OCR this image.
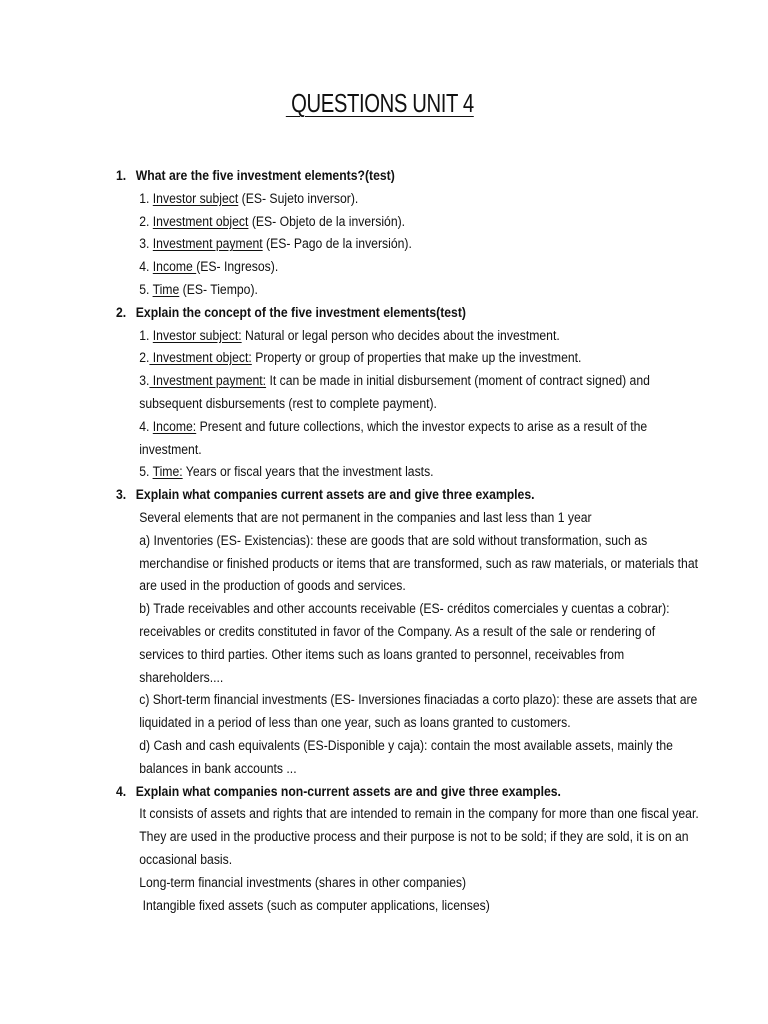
QUESTIONS UNIT 4
1. What are the five investment elements?(test)
1. Investor subject (ES- Sujeto inversor).
2. Investment object (ES- Objeto de la inversión).
3. Investment payment (ES- Pago de la inversión).
4. Income (ES- Ingresos).
5. Time (ES- Tiempo).
2. Explain the concept of the five investment elements(test)
1. Investor subject: Natural or legal person who decides about the investment.
2. Investment object: Property or group of properties that make up the investment.
3. Investment payment: It can be made in initial disbursement (moment of contract signed) and
subsequent disbursements (rest to complete payment).
4. Income: Present and future collections, which the investor expects to arise as a result of the
investment.
5. Time: Years or fiscal years that the investment lasts.
3. Explain what companies current assets are and give three examples.
Several elements that are not permanent in the companies and last less than 1 year
a) Inventories (ES- Existencias): these are goods that are sold without transformation, such as
merchandise or finished products or items that are transformed, such as raw materials, or materials that
are used in the production of goods and services.
b) Trade receivables and other accounts receivable (ES- créditos comerciales y cuentas a cobrar):
receivables or credits constituted in favor of the Company. As a result of the sale or rendering of
services to third parties. Other items such as loans granted to personnel, receivables from
shareholders....
c) Short-term financial investments (ES- Inversiones finaciadas a corto plazo): these are assets that are
liquidated in a period of less than one year, such as loans granted to customers.
d) Cash and cash equivalents (ES-Disponible y caja): contain the most available assets, mainly the
balances in bank accounts ...
4. Explain what companies non-current assets are and give three examples.
It consists of assets and rights that are intended to remain in the company for more than one fiscal year.
They are used in the productive process and their purpose is not to be sold; if they are sold, it is on an
occasional basis.
Long-term financial investments (shares in other companies)
Intangible fixed assets (such as computer applications, licenses)
